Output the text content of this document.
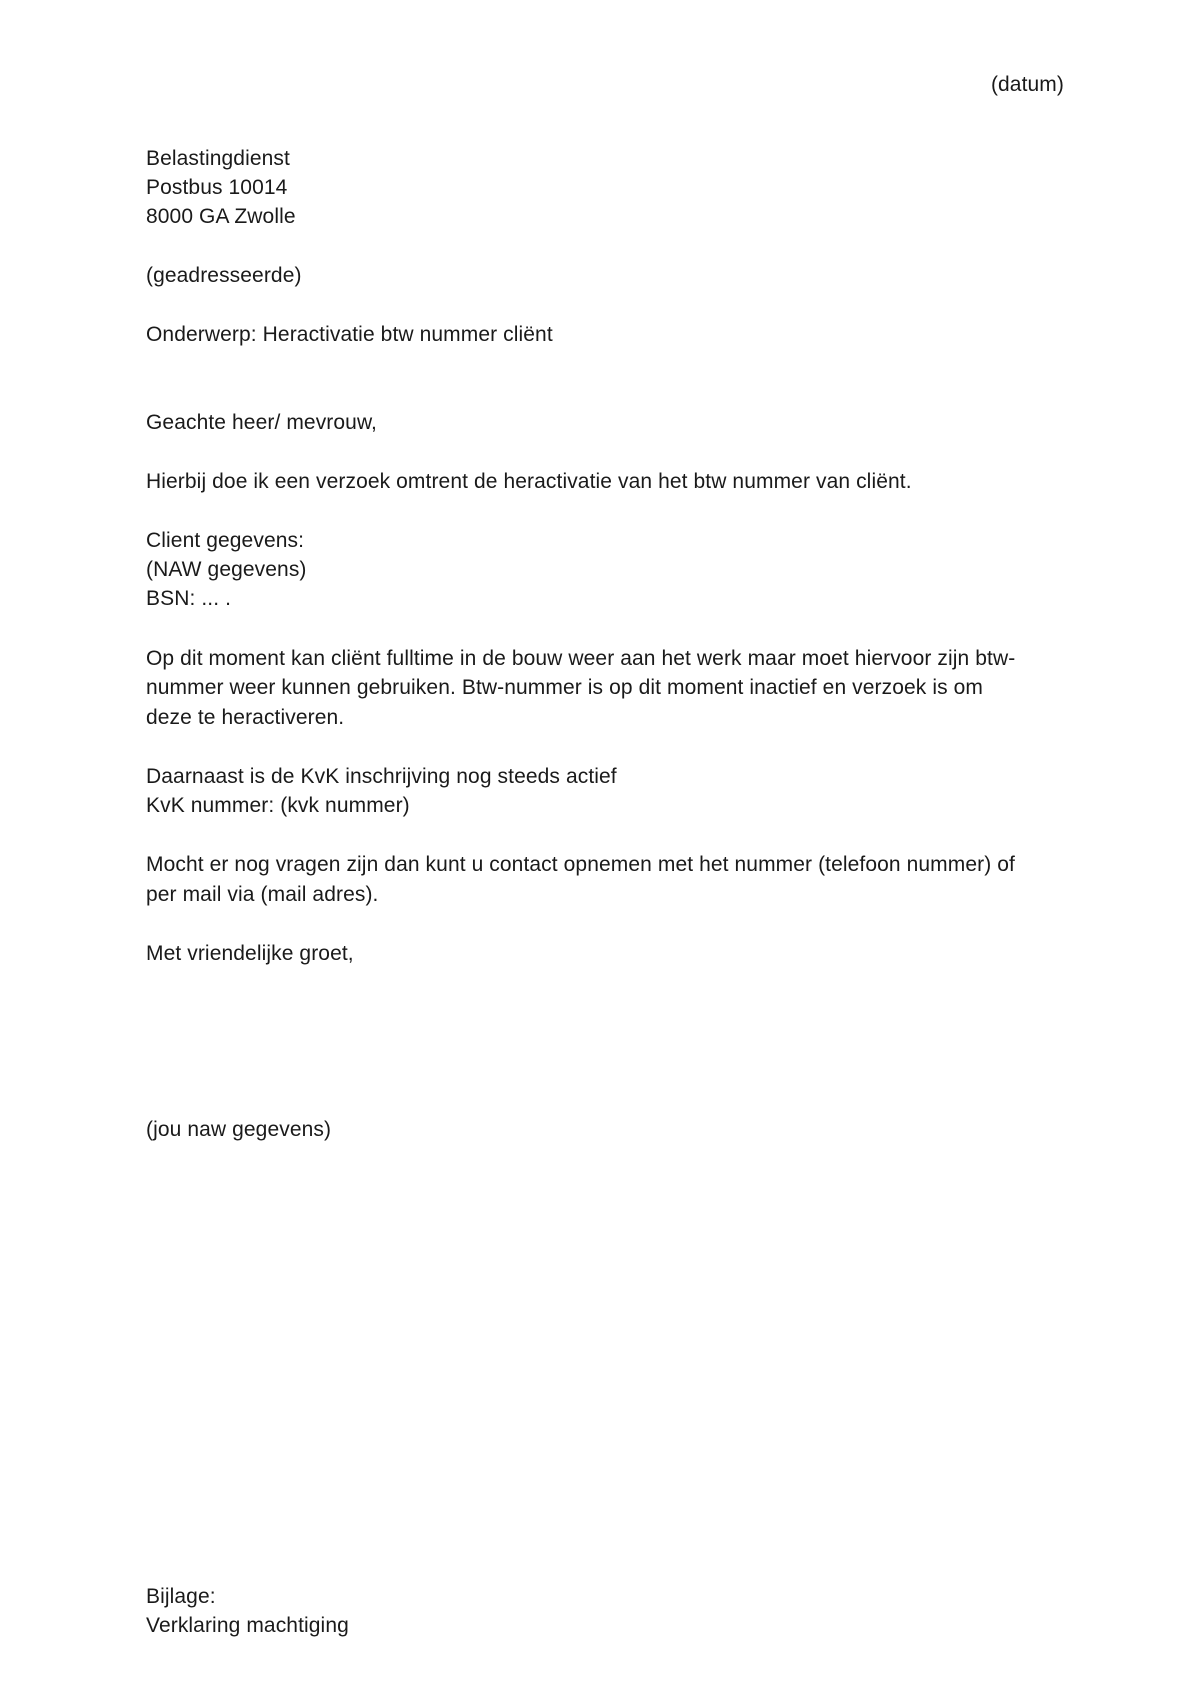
(datum)
Belastingdienst
Postbus 10014
8000 GA Zwolle
(geadresseerde)
Onderwerp: Heractivatie btw nummer cliënt
Geachte heer/ mevrouw,
Hierbij doe ik een verzoek omtrent de heractivatie van het btw nummer van cliënt.
Client gegevens:
(NAW gegevens)
BSN: ... .
Op dit moment kan cliënt fulltime in de bouw weer aan het werk maar moet hiervoor zijn btw-
nummer weer kunnen gebruiken. Btw-nummer is op dit moment inactief en verzoek is om
deze te heractiveren.
Daarnaast is de KvK inschrijving nog steeds actief
KvK nummer: (kvk nummer)
Mocht er nog vragen zijn dan kunt u contact opnemen met het nummer (telefoon nummer) of
per mail via (mail adres).
Met vriendelijke groet,
(jou naw gegevens)
Bijlage:
Verklaring machtiging
